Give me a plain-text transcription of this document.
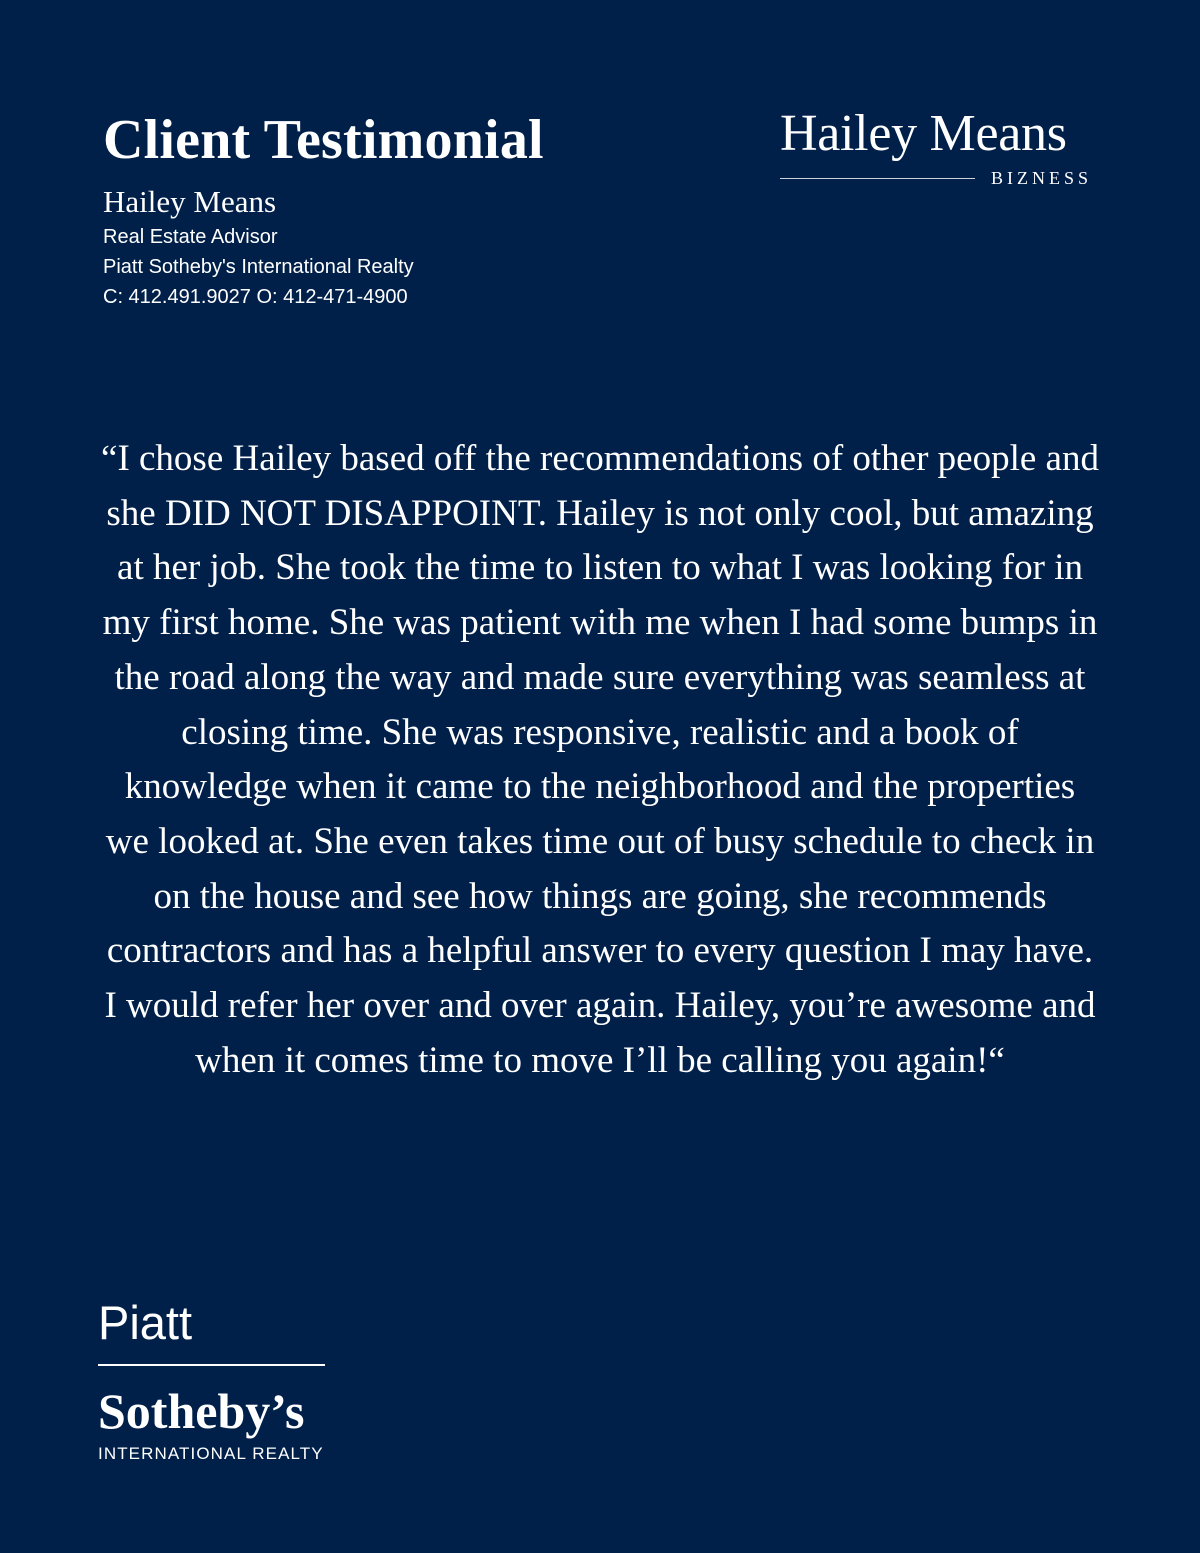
Client Testimonial
Hailey Means
Real Estate Advisor
Piatt Sotheby's International Realty
C: 412.491.9027 O: 412-471-4900
Hailey Means
BIZNESS

“I chose Hailey based off the recommendations of other people and she DID NOT DISAPPOINT. Hailey is not only cool, but amazing at her job. She took the time to listen to what I was looking for in my first home. She was patient with me when I had some bumps in the road along the way and made sure everything was seamless at closing time. She was responsive, realistic and a book of knowledge when it came to the neighborhood and the properties we looked at. She even takes time out of busy schedule to check in on the house and see how things are going, she recommends contractors and has a helpful answer to every question I may have. I would refer her over and over again. Hailey, you’re awesome and when it comes time to move I’ll be calling you again!“

Piatt
Sotheby’s
INTERNATIONAL REALTY
